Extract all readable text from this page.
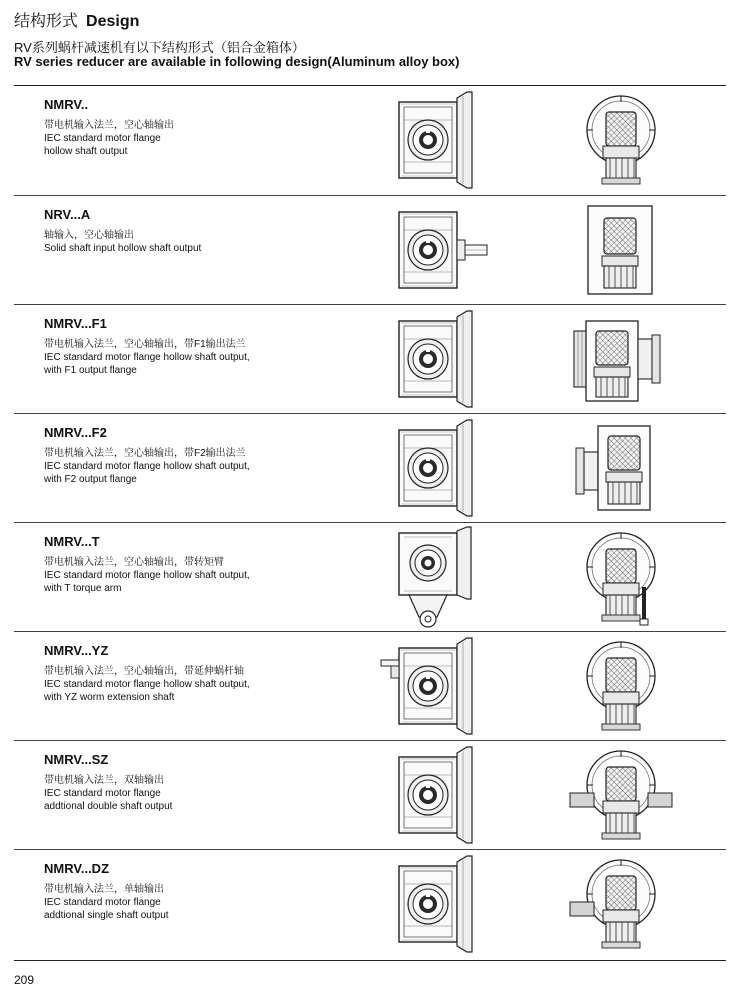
结构形式 Design
RV系列蜗杆减速机有以下结构形式（铝合金箱体）
RV series reducer are available in following design(Aluminum alloy box)
NMRV..
带电机输入法兰，空心轴输出
IEC standard motor flange
hollow shaft output
NRV...A
轴输入，空心轴输出
Solid shaft input hollow shaft output
NMRV...F1
带电机输入法兰，空心轴输出，带F1输出法兰
IEC standard motor flange hollow shaft output,
with F1 output flange
NMRV...F2
带电机输入法兰，空心轴输出，带F2输出法兰
IEC standard motor flange hollow shaft output,
with F2 output flange
NMRV...T
带电机输入法兰，空心轴输出，带转矩臂
IEC standard motor flange hollow shaft output,
with T torque arm
NMRV...YZ
带电机输入法兰，空心轴输出，带延伸蜗杆轴
IEC standard motor flange hollow shaft output,
with YZ worm extension shaft
NMRV...SZ
带电机输入法兰，双轴输出
IEC standard motor flange
addtional double shaft output
NMRV...DZ
带电机输入法兰，单轴输出
IEC standard motor flange
addtional single shaft output
209
